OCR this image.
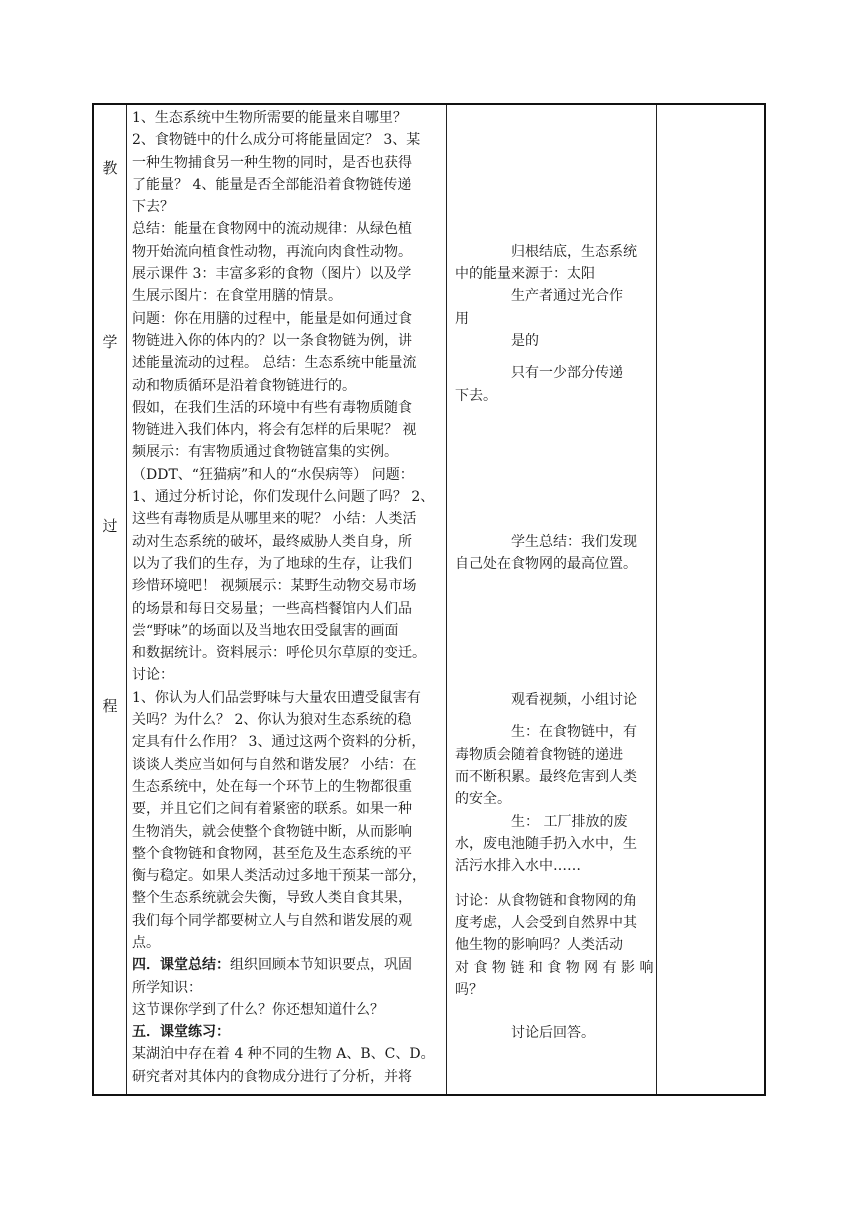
教
学
过
程

1、生态系统中生物所需要的能量来自哪里？

2、食物链中的什么成分可将能量固定？ 3、某

一种生物捕食另一种生物的同时，是否也获得

了能量？ 4、能量是否全部能沿着食物链传递

下去？

总结：能量在食物网中的流动规律：从绿色植

物开始流向植食性动物，再流向肉食性动物。

展示课件 3：丰富多彩的食物（图片）以及学

生展示图片：在食堂用膳的情景。

问题：你在用膳的过程中，能量是如何通过食

物链进入你的体内的？以一条食物链为例，讲

述能量流动的过程。 总结：生态系统中能量流

动和物质循环是沿着食物链进行的。

假如，在我们生活的环境中有些有毒物质随食

物链进入我们体内，将会有怎样的后果呢？ 视

频展示：有害物质通过食物链富集的实例。

（DDT、“狂猫病”和人的“水俣病等） 问题：

1、通过分析讨论，你们发现什么问题了吗？ 2、

这些有毒物质是从哪里来的呢？ 小结：人类活

动对生态系统的破坏，最终威胁人类自身，所

以为了我们的生存，为了地球的生存，让我们

珍惜环境吧！ 视频展示：某野生动物交易市场

的场景和每日交易量；一些高档餐馆内人们品

尝“野味”的场面以及当地农田受鼠害的画面

和数据统计。资料展示：呼伦贝尔草原的变迁。

讨论：

1、你认为人们品尝野味与大量农田遭受鼠害有

关吗？为什么？ 2、你认为狼对生态系统的稳

定具有什么作用？ 3、通过这两个资料的分析，

谈谈人类应当如何与自然和谐发展？ 小结：在

生态系统中，处在每一个环节上的生物都很重

要，并且它们之间有着紧密的联系。如果一种

生物消失，就会使整个食物链中断，从而影响

整个食物链和食物网，甚至危及生态系统的平

衡与稳定。如果人类活动过多地干预某一部分，

整个生态系统就会失衡，导致人类自食其果，

我们每个同学都要树立人与自然和谐发展的观

点。

四．课堂总结：组织回顾本节知识要点，巩固

所学知识：

这节课你学到了什么？你还想知道什么？

五．课堂练习：

某湖泊中存在着 4 种不同的生物 A、B、C、D。

研究者对其体内的食物成分进行了分析，并将

归根结底，生态系统

中的能量来源于：太阳

生产者通过光合作

用

是的

只有一少部分传递

下去。

学生总结：我们发现

自己处在食物网的最高位置。

观看视频，小组讨论

生：在食物链中，有

毒物质会随着食物链的递进

而不断积累。最终危害到人类

的安全。

生： 工厂排放的废

水，废电池随手扔入水中，生

活污水排入水中……

讨论：从食物链和食物网的角

度考虑，人会受到自然界中其

他生物的影响吗？人类活动

对 食 物 链 和 食 物 网 有 影 响

吗？

讨论后回答。
